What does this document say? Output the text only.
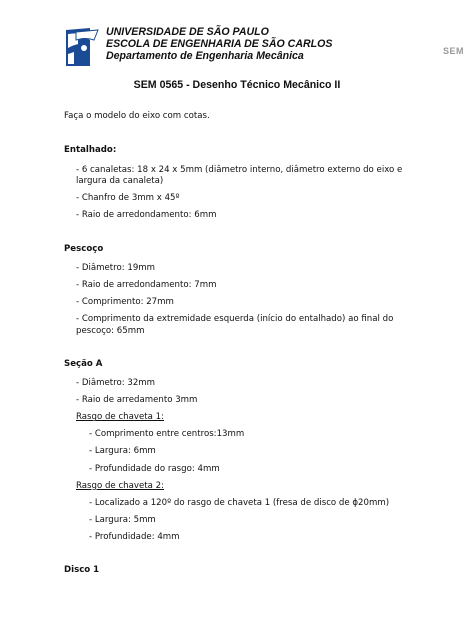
UNIVERSIDADE DE SÃO PAULO
ESCOLA DE ENGENHARIA DE SÃO CARLOS
Departamento de Engenharia Mecânica	SEM
SEM 0565 - Desenho Técnico Mecânico II

Faça o modelo do eixo com cotas.

Entalhado:
- 6 canaletas: 18 x 24 x 5mm (diâmetro interno, diâmetro externo do eixo e largura da canaleta)
- Chanfro de 3mm x 45º
- Raio de arredondamento: 6mm
Pescoço
- Diâmetro: 19mm
- Raio de arredondamento: 7mm
- Comprimento: 27mm
- Comprimento da extremidade esquerda (início do entalhado) ao final do pescoço: 65mm
Seção A
- Diâmetro: 32mm
- Raio de arredamento 3mm
Rasgo de chaveta 1:
- Comprimento entre centros:13mm
- Largura: 6mm
- Profundidade do rasgo: 4mm
Rasgo de chaveta 2:
- Localizado a 120º do rasgo de chaveta 1 (fresa de disco de ɸ20mm)
- Largura: 5mm
- Profundidade: 4mm
Disco 1
